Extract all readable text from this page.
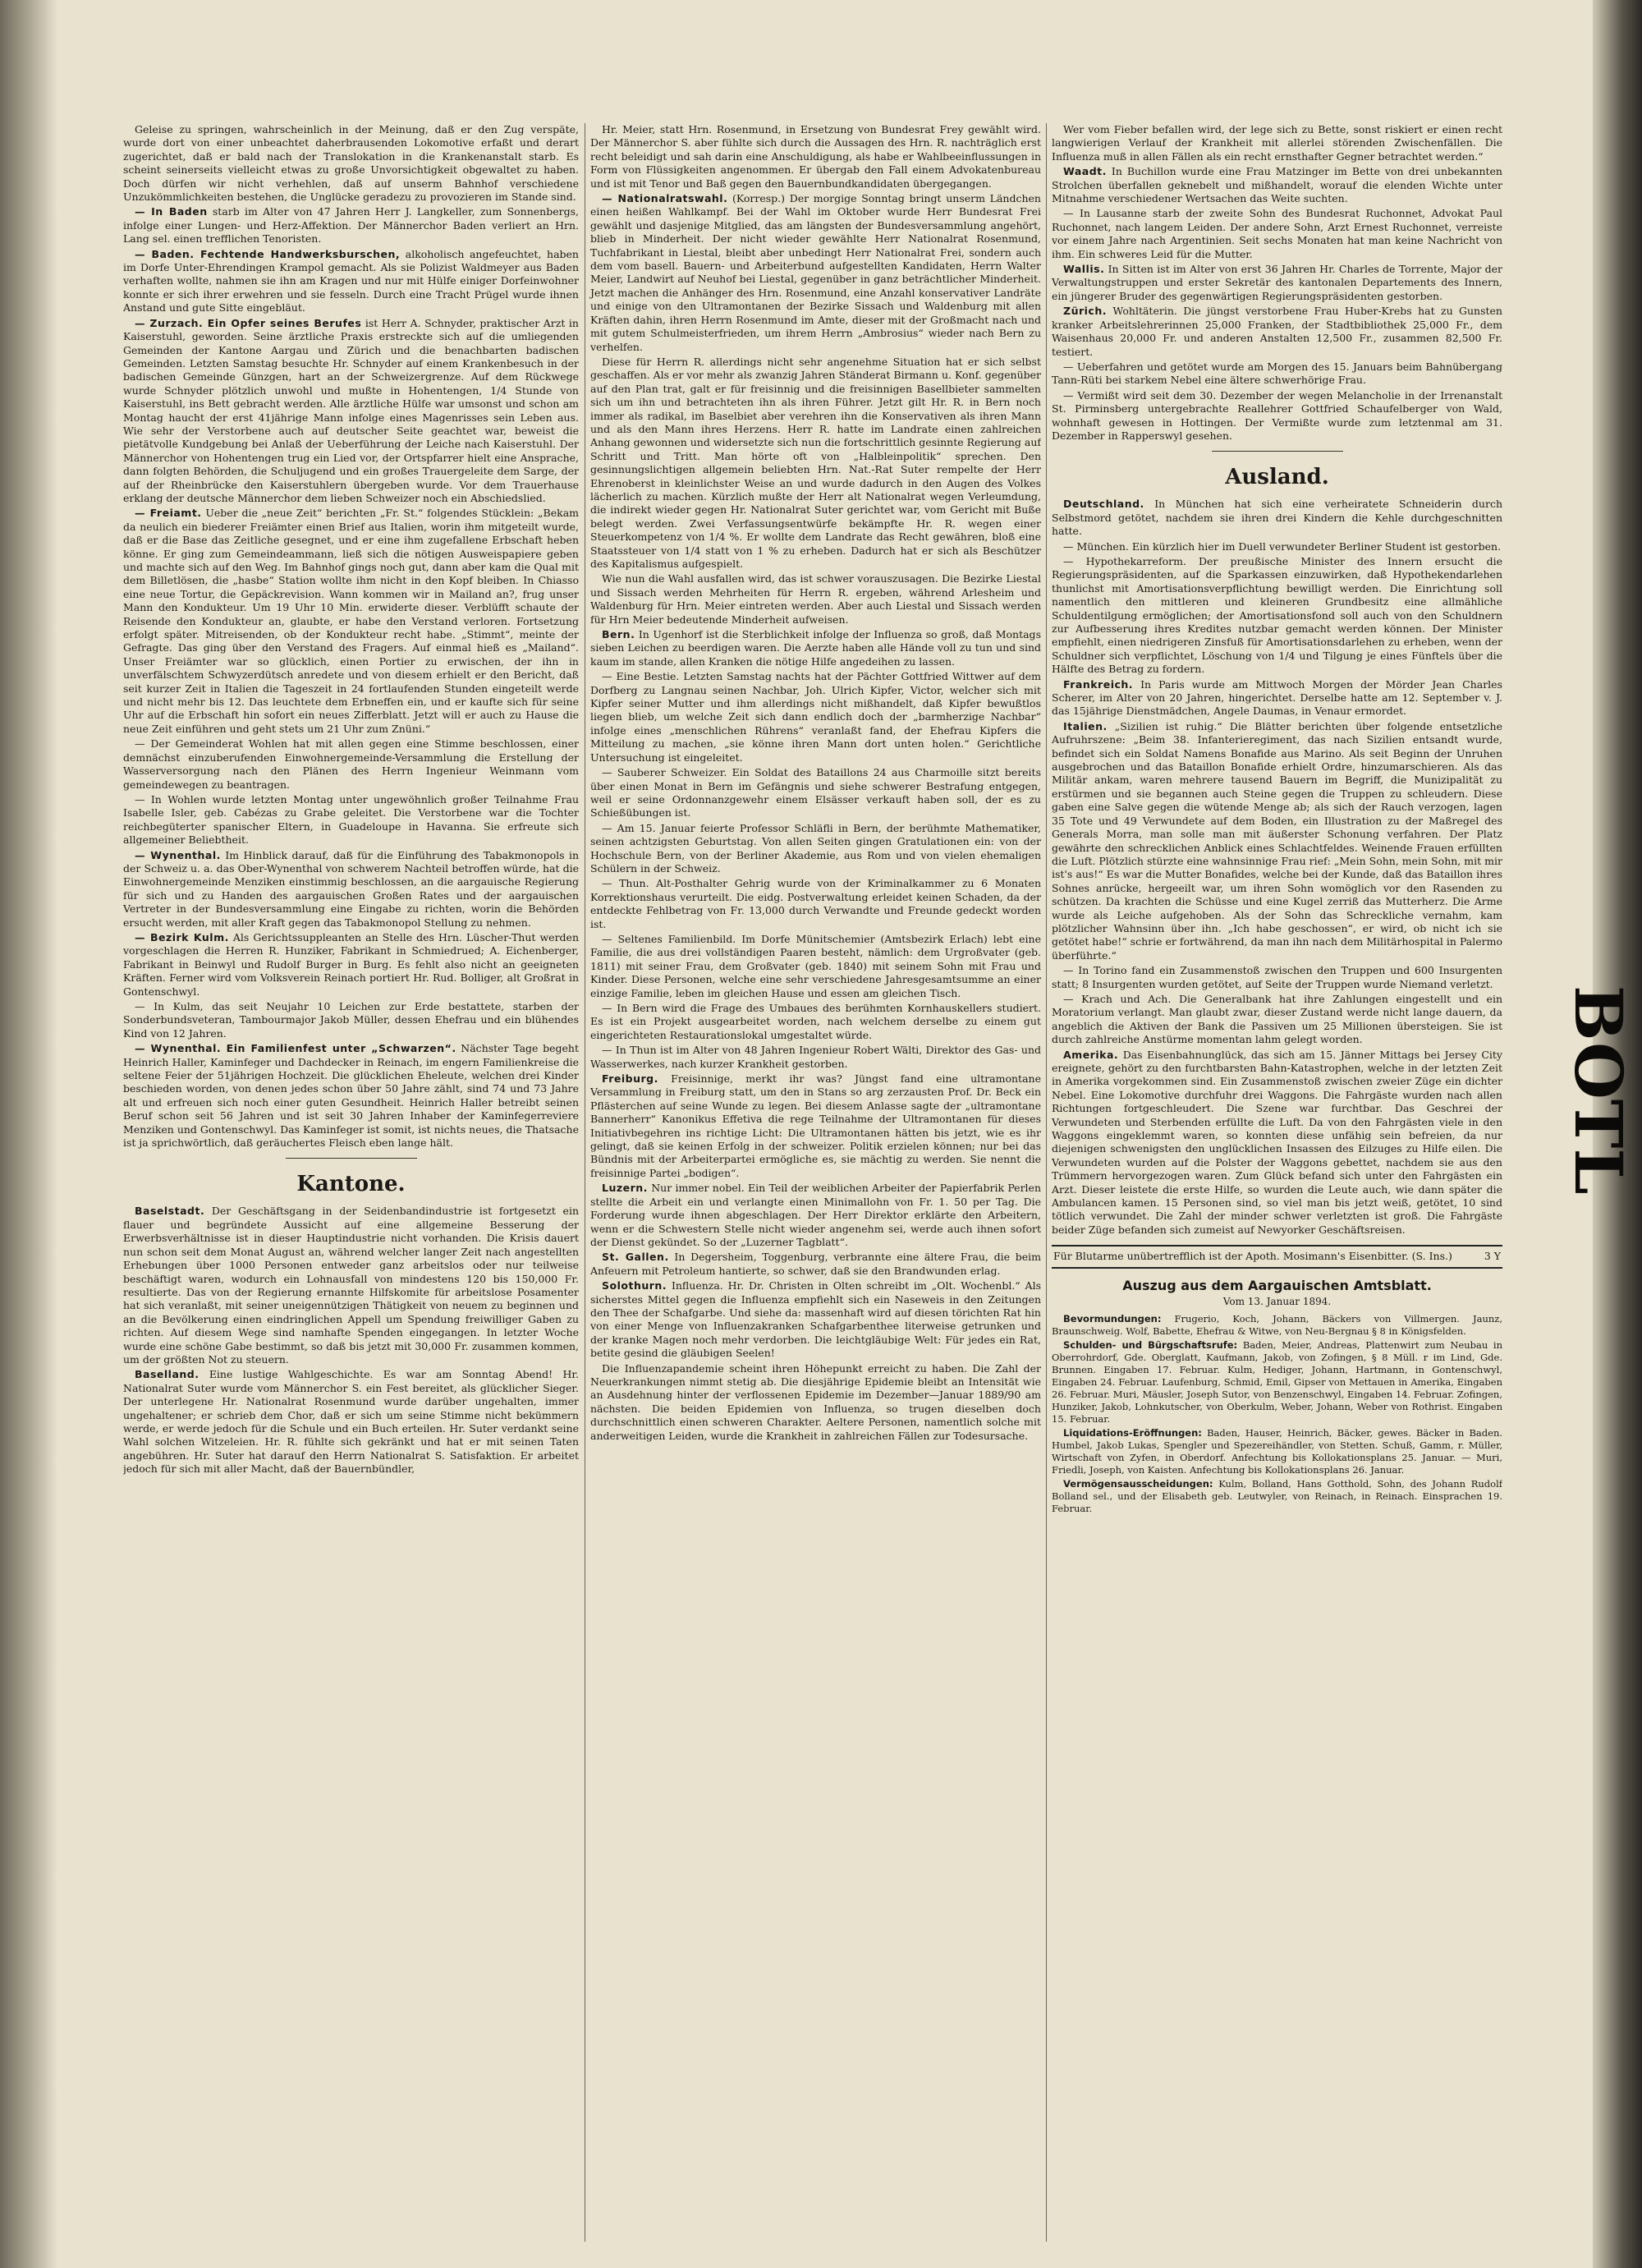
BOTL

Geleise zu springen, wahrscheinlich in der Meinung, daß er den Zug verspäte, wurde dort von einer unbeachtet daherbrausenden Lokomotive erfaßt und derart zugerichtet, daß er bald nach der Translokation in die Krankenanstalt starb. Es scheint seinerseits vielleicht etwas zu große Unvorsichtigkeit obgewaltet zu haben. Doch dürfen wir nicht verhehlen, daß auf unserm Bahnhof verschiedene Unzukömmlichkeiten bestehen, die Unglücke geradezu zu provozieren im Stande sind.

— In Baden starb im Alter von 47 Jahren Herr J. Langkeller, zum Sonnenbergs, infolge einer Lungen- und Herz-Affektion. Der Männerchor Baden verliert an Hrn. Lang sel. einen trefflichen Tenoristen.

— Baden. Fechtende Handwerksburschen, alkoholisch angefeuchtet, haben im Dorfe Unter-Ehrendingen Krampol gemacht. Als sie Polizist Waldmeyer aus Baden verhaften wollte, nahmen sie ihn am Kragen und nur mit Hülfe einiger Dorfeinwohner konnte er sich ihrer erwehren und sie fesseln. Durch eine Tracht Prügel wurde ihnen Anstand und gute Sitte eingebläut.

— Zurzach. Ein Opfer seines Berufes ist Herr A. Schnyder, praktischer Arzt in Kaiserstuhl, geworden. Seine ärztliche Praxis erstreckte sich auf die umliegenden Gemeinden der Kantone Aargau und Zürich und die benachbarten badischen Gemeinden. Letzten Samstag besuchte Hr. Schnyder auf einem Krankenbesuch in der badischen Gemeinde Günzgen, hart an der Schweizergrenze. Auf dem Rückwege wurde Schnyder plötzlich unwohl und mußte in Hohentengen, 1/4 Stunde von Kaiserstuhl, ins Bett gebracht werden. Alle ärztliche Hülfe war umsonst und schon am Montag haucht der erst 41jährige Mann infolge eines Magenrisses sein Leben aus. Wie sehr der Verstorbene auch auf deutscher Seite geachtet war, beweist die pietätvolle Kundgebung bei Anlaß der Ueberführung der Leiche nach Kaiserstuhl. Der Männerchor von Hohentengen trug ein Lied vor, der Ortspfarrer hielt eine Ansprache, dann folgten Behörden, die Schuljugend und ein großes Trauergeleite dem Sarge, der auf der Rheinbrücke den Kaiserstuhlern übergeben wurde. Vor dem Trauerhause erklang der deutsche Männerchor dem lieben Schweizer noch ein Abschiedslied.

— Freiamt. Ueber die „neue Zeit“ berichten „Fr. St.“ folgendes Stücklein: „Bekam da neulich ein biederer Freiämter einen Brief aus Italien, worin ihm mitgeteilt wurde, daß er die Base das Zeitliche gesegnet, und er eine ihm zugefallene Erbschaft heben könne. Er ging zum Gemeindeammann, ließ sich die nötigen Ausweispapiere geben und machte sich auf den Weg. Im Bahnhof gings noch gut, dann aber kam die Qual mit dem Billetlösen, die „hasbe“ Station wollte ihm nicht in den Kopf bleiben. In Chiasso eine neue Tortur, die Gepäckrevision. Wann kommen wir in Mailand an?, frug unser Mann den Kondukteur. Um 19 Uhr 10 Min. erwiderte dieser. Verblüfft schaute der Reisende den Kondukteur an, glaubte, er habe den Verstand verloren. Fortsetzung erfolgt später. Mitreisenden, ob der Kondukteur recht habe. „Stimmt“, meinte der Gefragte. Das ging über den Verstand des Fragers. Auf einmal hieß es „Mailand“. Unser Freiämter war so glücklich, einen Portier zu erwischen, der ihn in unverfälschtem Schwyzerdütsch anredete und von diesem erhielt er den Bericht, daß seit kurzer Zeit in Italien die Tageszeit in 24 fortlaufenden Stunden eingeteilt werde und nicht mehr bis 12. Das leuchtete dem Erbneffen ein, und er kaufte sich für seine Uhr auf die Erbschaft hin sofort ein neues Zifferblatt. Jetzt will er auch zu Hause die neue Zeit einführen und geht stets um 21 Uhr zum Znüni.“

— Der Gemeinderat Wohlen hat mit allen gegen eine Stimme beschlossen, einer demnächst einzuberufenden Einwohnergemeinde-Versammlung die Erstellung der Wasserversorgung nach den Plänen des Herrn Ingenieur Weinmann vom gemeindewegen zu beantragen.

— In Wohlen wurde letzten Montag unter ungewöhnlich großer Teilnahme Frau Isabelle Isler, geb. Cabézas zu Grabe geleitet. Die Verstorbene war die Tochter reichbegüterter spanischer Eltern, in Guadeloupe in Havanna. Sie erfreute sich allgemeiner Beliebtheit.

— Wynenthal. Im Hinblick darauf, daß für die Einführung des Tabakmonopols in der Schweiz u. a. das Ober-Wynenthal von schwerem Nachteil betroffen würde, hat die Einwohnergemeinde Menziken einstimmig beschlossen, an die aargauische Regierung für sich und zu Handen des aargauischen Großen Rates und der aargauischen Vertreter in der Bundesversammlung eine Eingabe zu richten, worin die Behörden ersucht werden, mit aller Kraft gegen das Tabakmonopol Stellung zu nehmen.

— Bezirk Kulm. Als Gerichtssuppleanten an Stelle des Hrn. Lüscher-Thut werden vorgeschlagen die Herren R. Hunziker, Fabrikant in Schmiedrued; A. Eichenberger, Fabrikant in Beinwyl und Rudolf Burger in Burg. Es fehlt also nicht an geeigneten Kräften. Ferner wird vom Volksverein Reinach portiert Hr. Rud. Bolliger, alt Großrat in Gontenschwyl.

— In Kulm, das seit Neujahr 10 Leichen zur Erde bestattete, starben der Sonderbundsveteran, Tambourmajor Jakob Müller, dessen Ehefrau und ein blühendes Kind von 12 Jahren.

— Wynenthal. Ein Familienfest unter „Schwarzen“. Nächster Tage begeht Heinrich Haller, Kaminfeger und Dachdecker in Reinach, im engern Familienkreise die seltene Feier der 51jährigen Hochzeit. Die glücklichen Eheleute, welchen drei Kinder beschieden worden, von denen jedes schon über 50 Jahre zählt, sind 74 und 73 Jahre alt und erfreuen sich noch einer guten Gesundheit. Heinrich Haller betreibt seinen Beruf schon seit 56 Jahren und ist seit 30 Jahren Inhaber der Kaminfegerreviere Menziken und Gontenschwyl. Das Kaminfeger ist somit, ist nichts neues, die Thatsache ist ja sprichwörtlich, daß geräuchertes Fleisch eben lange hält.

Kantone.

Baselstadt. Der Geschäftsgang in der Seidenbandindustrie ist fortgesetzt ein flauer und begründete Aussicht auf eine allgemeine Besserung der Erwerbsverhältnisse ist in dieser Hauptindustrie nicht vorhanden. Die Krisis dauert nun schon seit dem Monat August an, während welcher langer Zeit nach angestellten Erhebungen über 1000 Personen entweder ganz arbeitslos oder nur teilweise beschäftigt waren, wodurch ein Lohnausfall von mindestens 120 bis 150,000 Fr. resultierte. Das von der Regierung ernannte Hilfskomite für arbeitslose Posamenter hat sich veranlaßt, mit seiner uneigennützigen Thätigkeit von neuem zu beginnen und an die Bevölkerung einen eindringlichen Appell um Spendung freiwilliger Gaben zu richten. Auf diesem Wege sind namhafte Spenden eingegangen. In letzter Woche wurde eine schöne Gabe bestimmt, so daß bis jetzt mit 30,000 Fr. zusammen kommen, um der größten Not zu steuern.

Baselland. Eine lustige Wahlgeschichte. Es war am Sonntag Abend! Hr. Nationalrat Suter wurde vom Männerchor S. ein Fest bereitet, als glücklicher Sieger. Der unterlegene Hr. Nationalrat Rosenmund wurde darüber ungehalten, immer ungehaltener; er schrieb dem Chor, daß er sich um seine Stimme nicht bekümmern werde, er werde jedoch für die Schule und ein Buch erteilen. Hr. Suter verdankt seine Wahl solchen Witzeleien. Hr. R. fühlte sich gekränkt und hat er mit seinen Taten angebühren. Hr. Suter hat darauf den Herrn Nationalrat S. Satisfaktion. Er arbeitet jedoch für sich mit aller Macht, daß der Bauernbündler,

Hr. Meier, statt Hrn. Rosenmund, in Ersetzung von Bundesrat Frey gewählt wird. Der Männerchor S. aber fühlte sich durch die Aussagen des Hrn. R. nachträglich erst recht beleidigt und sah darin eine Anschuldigung, als habe er Wahlbeeinflussungen in Form von Flüssigkeiten angenommen. Er übergab den Fall einem Advokatenbureau und ist mit Tenor und Baß gegen den Bauernbundkandidaten übergegangen.

— Nationalratswahl. (Korresp.) Der morgige Sonntag bringt unserm Ländchen einen heißen Wahlkampf. Bei der Wahl im Oktober wurde Herr Bundesrat Frei gewählt und dasjenige Mitglied, das am längsten der Bundesversammlung angehört, blieb in Minderheit. Der nicht wieder gewählte Herr Nationalrat Rosenmund, Tuchfabrikant in Liestal, bleibt aber unbedingt Herr Nationalrat Frei, sondern auch dem vom basell. Bauern- und Arbeiterbund aufgestellten Kandidaten, Herrn Walter Meier, Landwirt auf Neuhof bei Liestal, gegenüber in ganz beträchtlicher Minderheit. Jetzt machen die Anhänger des Hrn. Rosenmund, eine Anzahl konservativer Landräte und einige von den Ultramontanen der Bezirke Sissach und Waldenburg mit allen Kräften dahin, ihren Herrn Rosenmund im Amte, dieser mit der Großmacht nach und mit gutem Schulmeisterfrieden, um ihrem Herrn „Ambrosius“ wieder nach Bern zu verhelfen.

Diese für Herrn R. allerdings nicht sehr angenehme Situation hat er sich selbst geschaffen. Als er vor mehr als zwanzig Jahren Ständerat Birmann u. Konf. gegenüber auf den Plan trat, galt er für freisinnig und die freisinnigen Basellbieter sammelten sich um ihn und betrachteten ihn als ihren Führer. Jetzt gilt Hr. R. in Bern noch immer als radikal, im Baselbiet aber verehren ihn die Konservativen als ihren Mann und als den Mann ihres Herzens. Herr R. hatte im Landrate einen zahlreichen Anhang gewonnen und widersetzte sich nun die fortschrittlich gesinnte Regierung auf Schritt und Tritt. Man hörte oft von „Halbleinpolitik“ sprechen. Den gesinnungslichtigen allgemein beliebten Hrn. Nat.-Rat Suter rempelte der Herr Ehrenoberst in kleinlichster Weise an und wurde dadurch in den Augen des Volkes lächerlich zu machen. Kürzlich mußte der Herr alt Nationalrat wegen Verleumdung, die indirekt wieder gegen Hr. Nationalrat Suter gerichtet war, vom Gericht mit Buße belegt werden. Zwei Verfassungsentwürfe bekämpfte Hr. R. wegen einer Steuerkompetenz von 1/4 %. Er wollte dem Landrate das Recht gewähren, bloß eine Staatssteuer von 1/4 statt von 1 % zu erheben. Dadurch hat er sich als Beschützer des Kapitalismus aufgespielt.

Wie nun die Wahl ausfallen wird, das ist schwer vorauszusagen. Die Bezirke Liestal und Sissach werden Mehrheiten für Herrn R. ergeben, während Arlesheim und Waldenburg für Hrn. Meier eintreten werden. Aber auch Liestal und Sissach werden für Hrn Meier bedeutende Minderheit aufweisen.

Bern. In Ugenhorf ist die Sterblichkeit infolge der Influenza so groß, daß Montags sieben Leichen zu beerdigen waren. Die Aerzte haben alle Hände voll zu tun und sind kaum im stande, allen Kranken die nötige Hilfe angedeihen zu lassen.

— Eine Bestie. Letzten Samstag nachts hat der Pächter Gottfried Wittwer auf dem Dorfberg zu Langnau seinen Nachbar, Joh. Ulrich Kipfer, Victor, welcher sich mit Kipfer seiner Mutter und ihm allerdings nicht mißhandelt, daß Kipfer bewußtlos liegen blieb, um welche Zeit sich dann endlich doch der „barmherzige Nachbar“ infolge eines „menschlichen Rührens“ veranlaßt fand, der Ehefrau Kipfers die Mitteilung zu machen, „sie könne ihren Mann dort unten holen.“ Gerichtliche Untersuchung ist eingeleitet.

— Sauberer Schweizer. Ein Soldat des Bataillons 24 aus Charmoille sitzt bereits über einen Monat in Bern im Gefängnis und siehe schwerer Bestrafung entgegen, weil er seine Ordonnanzgewehr einem Elsässer verkauft haben soll, der es zu Schießübungen ist.

— Am 15. Januar feierte Professor Schläfli in Bern, der berühmte Mathematiker, seinen achtzigsten Geburtstag. Von allen Seiten gingen Gratulationen ein: von der Hochschule Bern, von der Berliner Akademie, aus Rom und von vielen ehemaligen Schülern in der Schweiz.

— Thun. Alt-Posthalter Gehrig wurde von der Kriminalkammer zu 6 Monaten Korrektionshaus verurteilt. Die eidg. Postverwaltung erleidet keinen Schaden, da der entdeckte Fehlbetrag von Fr. 13,000 durch Verwandte und Freunde gedeckt worden ist.

— Seltenes Familienbild. Im Dorfe Münitschemier (Amtsbezirk Erlach) lebt eine Familie, die aus drei vollständigen Paaren besteht, nämlich: dem Urgroßvater (geb. 1811) mit seiner Frau, dem Großvater (geb. 1840) mit seinem Sohn mit Frau und Kinder. Diese Personen, welche eine sehr verschiedene Jahresgesamtsumme an einer einzige Familie, leben im gleichen Hause und essen am gleichen Tisch.

— In Bern wird die Frage des Umbaues des berühmten Kornhauskellers studiert. Es ist ein Projekt ausgearbeitet worden, nach welchem derselbe zu einem gut eingerichteten Restaurationslokal umgestaltet würde.

— In Thun ist im Alter von 48 Jahren Ingenieur Robert Wälti, Direktor des Gas- und Wasserwerkes, nach kurzer Krankheit gestorben.

Freiburg. Freisinnige, merkt ihr was? Jüngst fand eine ultramontane Versammlung in Freiburg statt, um den in Stans so arg zerzausten Prof. Dr. Beck ein Pflästerchen auf seine Wunde zu legen. Bei diesem Anlasse sagte der „ultramontane Bannerherr“ Kanonikus Effetiva die rege Teilnahme der Ultramontanen für dieses Initiativbegehren ins richtige Licht: Die Ultramontanen hätten bis jetzt, wie es ihr gelingt, daß sie keinen Erfolg in der schweizer. Politik erzielen können; nur bei das Bündnis mit der Arbeiterpartei ermögliche es, sie mächtig zu werden. Sie nennt die freisinnige Partei „bodigen“.

Luzern. Nur immer nobel. Ein Teil der weiblichen Arbeiter der Papierfabrik Perlen stellte die Arbeit ein und verlangte einen Minimallohn von Fr. 1. 50 per Tag. Die Forderung wurde ihnen abgeschlagen. Der Herr Direktor erklärte den Arbeitern, wenn er die Schwestern Stelle nicht wieder angenehm sei, werde auch ihnen sofort der Dienst gekündet. So der „Luzerner Tagblatt“.

St. Gallen. In Degersheim, Toggenburg, verbrannte eine ältere Frau, die beim Anfeuern mit Petroleum hantierte, so schwer, daß sie den Brandwunden erlag.

Solothurn. Influenza. Hr. Dr. Christen in Olten schreibt im „Olt. Wochenbl.“ Als sicherstes Mittel gegen die Influenza empfiehlt sich ein Naseweis in den Zeitungen den Thee der Schafgarbe. Und siehe da: massenhaft wird auf diesen törichten Rat hin von einer Menge von Influenzakranken Schafgarbenthee literweise getrunken und der kranke Magen noch mehr verdorben. Die leichtgläubige Welt: Für jedes ein Rat, betite gesind die gläubigen Seelen!

Die Influenzapandemie scheint ihren Höhepunkt erreicht zu haben. Die Zahl der Neuerkrankungen nimmt stetig ab. Die diesjährige Epidemie bleibt an Intensität wie an Ausdehnung hinter der verflossenen Epidemie im Dezember—Januar 1889/90 am nächsten. Die beiden Epidemien von Influenza, so trugen dieselben doch durchschnittlich einen schweren Charakter. Aeltere Personen, namentlich solche mit anderweitigen Leiden, wurde die Krankheit in zahlreichen Fällen zur Todesursache.

Wer vom Fieber befallen wird, der lege sich zu Bette, sonst riskiert er einen recht langwierigen Verlauf der Krankheit mit allerlei störenden Zwischenfällen. Die Influenza muß in allen Fällen als ein recht ernsthafter Gegner betrachtet werden.“

Waadt. In Buchillon wurde eine Frau Matzinger im Bette von drei unbekannten Strolchen überfallen geknebelt und mißhandelt, worauf die elenden Wichte unter Mitnahme verschiedener Wertsachen das Weite suchten.

— In Lausanne starb der zweite Sohn des Bundesrat Ruchonnet, Advokat Paul Ruchonnet, nach langem Leiden. Der andere Sohn, Arzt Ernest Ruchonnet, verreiste vor einem Jahre nach Argentinien. Seit sechs Monaten hat man keine Nachricht von ihm. Ein schweres Leid für die Mutter.

Wallis. In Sitten ist im Alter von erst 36 Jahren Hr. Charles de Torrente, Major der Verwaltungstruppen und erster Sekretär des kantonalen Departements des Innern, ein jüngerer Bruder des gegenwärtigen Regierungspräsidenten gestorben.

Zürich. Wohltäterin. Die jüngst verstorbene Frau Huber-Krebs hat zu Gunsten kranker Arbeitslehrerinnen 25,000 Franken, der Stadtbibliothek 25,000 Fr., dem Waisenhaus 20,000 Fr. und anderen Anstalten 12,500 Fr., zusammen 82,500 Fr. testiert.

— Ueberfahren und getötet wurde am Morgen des 15. Januars beim Bahnübergang Tann-Rüti bei starkem Nebel eine ältere schwerhörige Frau.

— Vermißt wird seit dem 30. Dezember der wegen Melancholie in der Irrenanstalt St. Pirminsberg untergebrachte Reallehrer Gottfried Schaufelberger von Wald, wohnhaft gewesen in Hottingen. Der Vermißte wurde zum letztenmal am 31. Dezember in Rapperswyl gesehen.

Ausland.

Deutschland. In München hat sich eine verheiratete Schneiderin durch Selbstmord getötet, nachdem sie ihren drei Kindern die Kehle durchgeschnitten hatte.

— München. Ein kürzlich hier im Duell verwundeter Berliner Student ist gestorben.

— Hypothekarreform. Der preußische Minister des Innern ersucht die Regierungspräsidenten, auf die Sparkassen einzuwirken, daß Hypothekendarlehen thunlichst mit Amortisationsverpflichtung bewilligt werden. Die Einrichtung soll namentlich den mittleren und kleineren Grundbesitz eine allmähliche Schuldentilgung ermöglichen; der Amortisationsfond soll auch von den Schuldnern zur Aufbesserung ihres Kredites nutzbar gemacht werden können. Der Minister empfiehlt, einen niedrigeren Zinsfuß für Amortisationsdarlehen zu erheben, wenn der Schuldner sich verpflichtet, Löschung von 1/4 und Tilgung je eines Fünftels über die Hälfte des Betrag zu fordern.

Frankreich. In Paris wurde am Mittwoch Morgen der Mörder Jean Charles Scherer, im Alter von 20 Jahren, hingerichtet. Derselbe hatte am 12. September v. J. das 15jährige Dienstmädchen, Angele Daumas, in Venaur ermordet.

Italien. „Sizilien ist ruhig.“ Die Blätter berichten über folgende entsetzliche Aufruhrszene: „Beim 38. Infanterieregiment, das nach Sizilien entsandt wurde, befindet sich ein Soldat Namens Bonafide aus Marino. Als seit Beginn der Unruhen ausgebrochen und das Bataillon Bonafide erhielt Ordre, hinzumarschieren. Als das Militär ankam, waren mehrere tausend Bauern im Begriff, die Munizipalität zu erstürmen und sie begannen auch Steine gegen die Truppen zu schleudern. Diese gaben eine Salve gegen die wütende Menge ab; als sich der Rauch verzogen, lagen 35 Tote und 49 Verwundete auf dem Boden, ein Illustration zu der Maßregel des Generals Morra, man solle man mit äußerster Schonung verfahren. Der Platz gewährte den schrecklichen Anblick eines Schlachtfeldes. Weinende Frauen erfüllten die Luft. Plötzlich stürzte eine wahnsinnige Frau rief: „Mein Sohn, mein Sohn, mit mir ist's aus!“ Es war die Mutter Bonafides, welche bei der Kunde, daß das Bataillon ihres Sohnes anrücke, hergeeilt war, um ihren Sohn womöglich vor den Rasenden zu schützen. Da krachten die Schüsse und eine Kugel zerriß das Mutterherz. Die Arme wurde als Leiche aufgehoben. Als der Sohn das Schreckliche vernahm, kam plötzlicher Wahnsinn über ihn. „Ich habe geschossen“, er wird, ob nicht ich sie getötet habe!“ schrie er fortwährend, da man ihn nach dem Militärhospital in Palermo überführte.“

— In Torino fand ein Zusammenstoß zwischen den Truppen und 600 Insurgenten statt; 8 Insurgenten wurden getötet, auf Seite der Truppen wurde Niemand verletzt.

— Krach und Ach. Die Generalbank hat ihre Zahlungen eingestellt und ein Moratorium verlangt. Man glaubt zwar, dieser Zustand werde nicht lange dauern, da angeblich die Aktiven der Bank die Passiven um 25 Millionen übersteigen. Sie ist durch zahlreiche Anstürme momentan lahm gelegt worden.

Amerika. Das Eisenbahnunglück, das sich am 15. Jänner Mittags bei Jersey City ereignete, gehört zu den furchtbarsten Bahn-Katastrophen, welche in der letzten Zeit in Amerika vorgekommen sind. Ein Zusammenstoß zwischen zweier Züge ein dichter Nebel. Eine Lokomotive durchfuhr drei Waggons. Die Fahrgäste wurden nach allen Richtungen fortgeschleudert. Die Szene war furchtbar. Das Geschrei der Verwundeten und Sterbenden erfüllte die Luft. Da von den Fahrgästen viele in den Waggons eingeklemmt waren, so konnten diese unfähig sein befreien, da nur diejenigen schwenigsten den unglücklichen Insassen des Eilzuges zu Hilfe eilen. Die Verwundeten wurden auf die Polster der Waggons gebettet, nachdem sie aus den Trümmern hervorgezogen waren. Zum Glück befand sich unter den Fahrgästen ein Arzt. Dieser leistete die erste Hilfe, so wurden die Leute auch, wie dann später die Ambulancen kamen. 15 Personen sind, so viel man bis jetzt weiß, getötet, 10 sind tötlich verwundet. Die Zahl der minder schwer verletzten ist groß. Die Fahrgäste beider Züge befanden sich zumeist auf Newyorker Geschäftsreisen.

Für Blutarme unübertrefflich ist der Apoth. Mosimann's Eisenbitter. (S. Ins.)	3 Y
Auszug aus dem Aargauischen Amtsblatt.
Vom 13. Januar 1894.

Bevormundungen: Frugerio, Koch, Johann, Bäckers von Villmergen. Jaunz, Braunschweig. Wolf, Babette, Ehefrau & Witwe, von Neu-Bergnau § 8 in Königsfelden.

Schulden- und Bürgschaftsrufe: Baden, Meier, Andreas, Plattenwirt zum Neubau in Oberrohrdorf, Gde. Oberglatt, Kaufmann, Jakob, von Zofingen, § 8 Müll. r im Lind, Gde. Brunnen. Eingaben 17. Februar. Kulm, Hediger, Johann, Hartmann, in Gontenschwyl, Eingaben 24. Februar. Laufenburg, Schmid, Emil, Gipser von Mettauen in Amerika, Eingaben 26. Februar. Muri, Mäusler, Joseph Sutor, von Benzenschwyl, Eingaben 14. Februar. Zofingen, Hunziker, Jakob, Lohnkutscher, von Oberkulm, Weber, Johann, Weber von Rothrist. Eingaben 15. Februar.

Liquidations-Eröffnungen: Baden, Hauser, Heinrich, Bäcker, gewes. Bäcker in Baden. Humbel, Jakob Lukas, Spengler und Spezereihändler, von Stetten. Schuß, Gamm, r. Müller, Wirtschaft von Zyfen, in Oberdorf. Anfechtung bis Kollokationsplans 25. Januar. — Muri, Friedli, Joseph, von Kaisten. Anfechtung bis Kollokationsplans 26. Januar.

Vermögensausscheidungen: Kulm, Bolland, Hans Gotthold, Sohn, des Johann Rudolf Bolland sel., und der Elisabeth geb. Leutwyler, von Reinach, in Reinach. Einsprachen 19. Februar.
